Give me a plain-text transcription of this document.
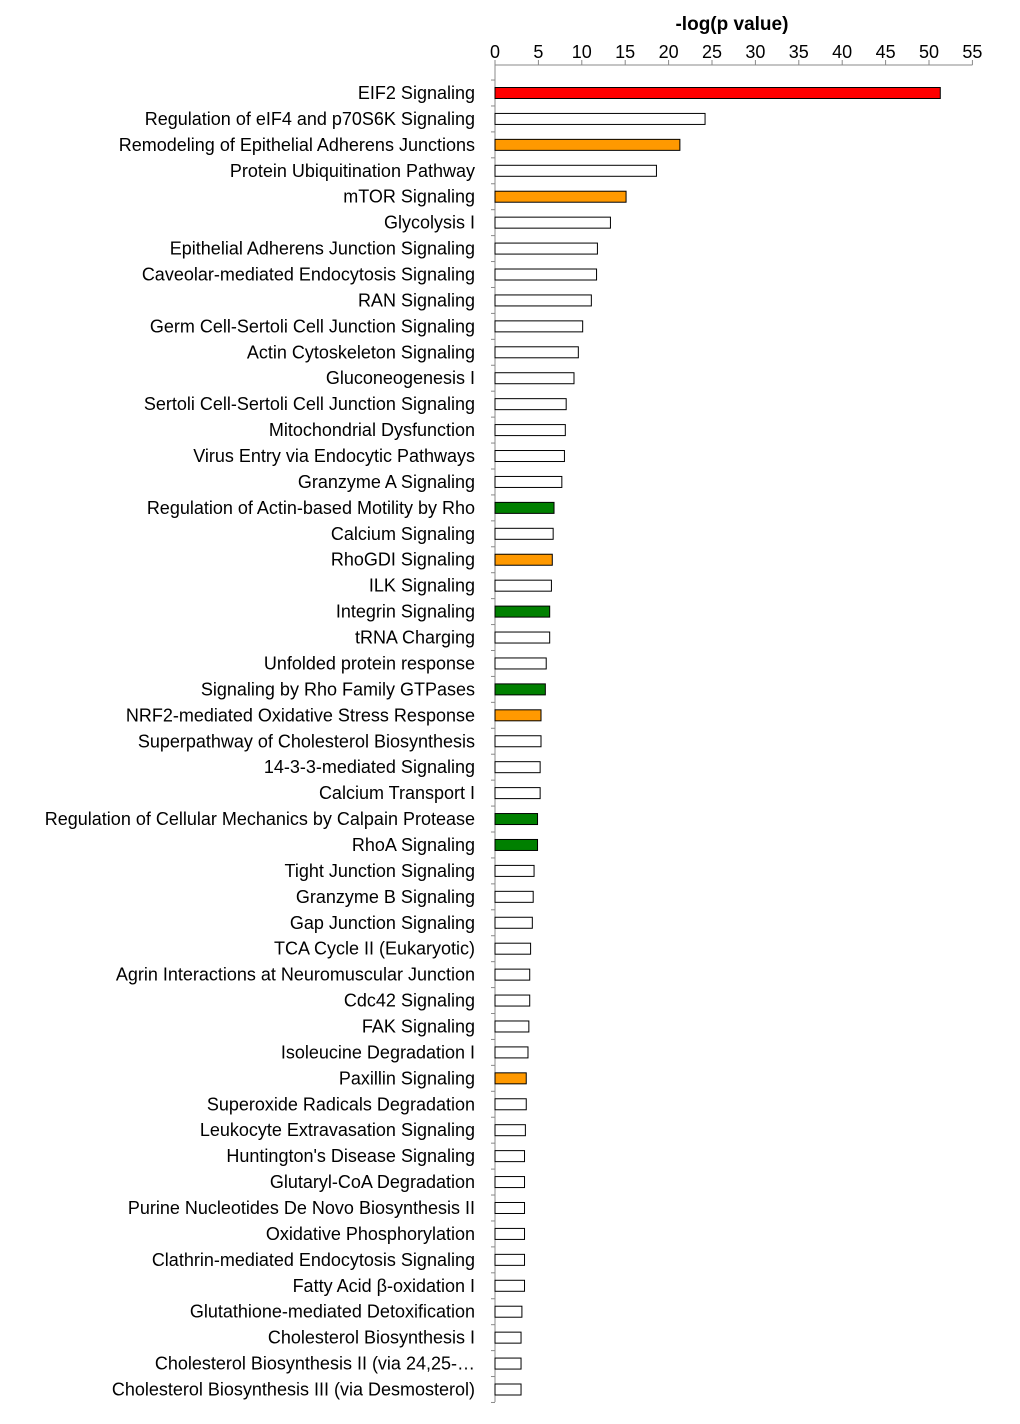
-log(p value)
0 5 10 15 20 25 30 35 40 45 50 55
EIF2 Signaling
Regulation of eIF4 and p70S6K Signaling
Remodeling of Epithelial Adherens Junctions
Protein Ubiquitination Pathway
mTOR Signaling
Glycolysis I
Epithelial Adherens Junction Signaling
Caveolar-mediated Endocytosis Signaling
RAN Signaling
Germ Cell-Sertoli Cell Junction Signaling
Actin Cytoskeleton Signaling
Gluconeogenesis I
Sertoli Cell-Sertoli Cell Junction Signaling
Mitochondrial Dysfunction
Virus Entry via Endocytic Pathways
Granzyme A Signaling
Regulation of Actin-based Motility by Rho
Calcium Signaling
RhoGDI Signaling
ILK Signaling
Integrin Signaling
tRNA Charging
Unfolded protein response
Signaling by Rho Family GTPases
NRF2-mediated Oxidative Stress Response
Superpathway of Cholesterol Biosynthesis
14-3-3-mediated Signaling
Calcium Transport I
Regulation of Cellular Mechanics by Calpain Protease
RhoA Signaling
Tight Junction Signaling
Granzyme B Signaling
Gap Junction Signaling
TCA Cycle II (Eukaryotic)
Agrin Interactions at Neuromuscular Junction
Cdc42 Signaling
FAK Signaling
Isoleucine Degradation I
Paxillin Signaling
Superoxide Radicals Degradation
Leukocyte Extravasation Signaling
Huntington's Disease Signaling
Glutaryl-CoA Degradation
Purine Nucleotides De Novo Biosynthesis II
Oxidative Phosphorylation
Clathrin-mediated Endocytosis Signaling
Fatty Acid β-oxidation I
Glutathione-mediated Detoxification
Cholesterol Biosynthesis I
Cholesterol Biosynthesis II (via 24,25-…
Cholesterol Biosynthesis III (via Desmosterol)
